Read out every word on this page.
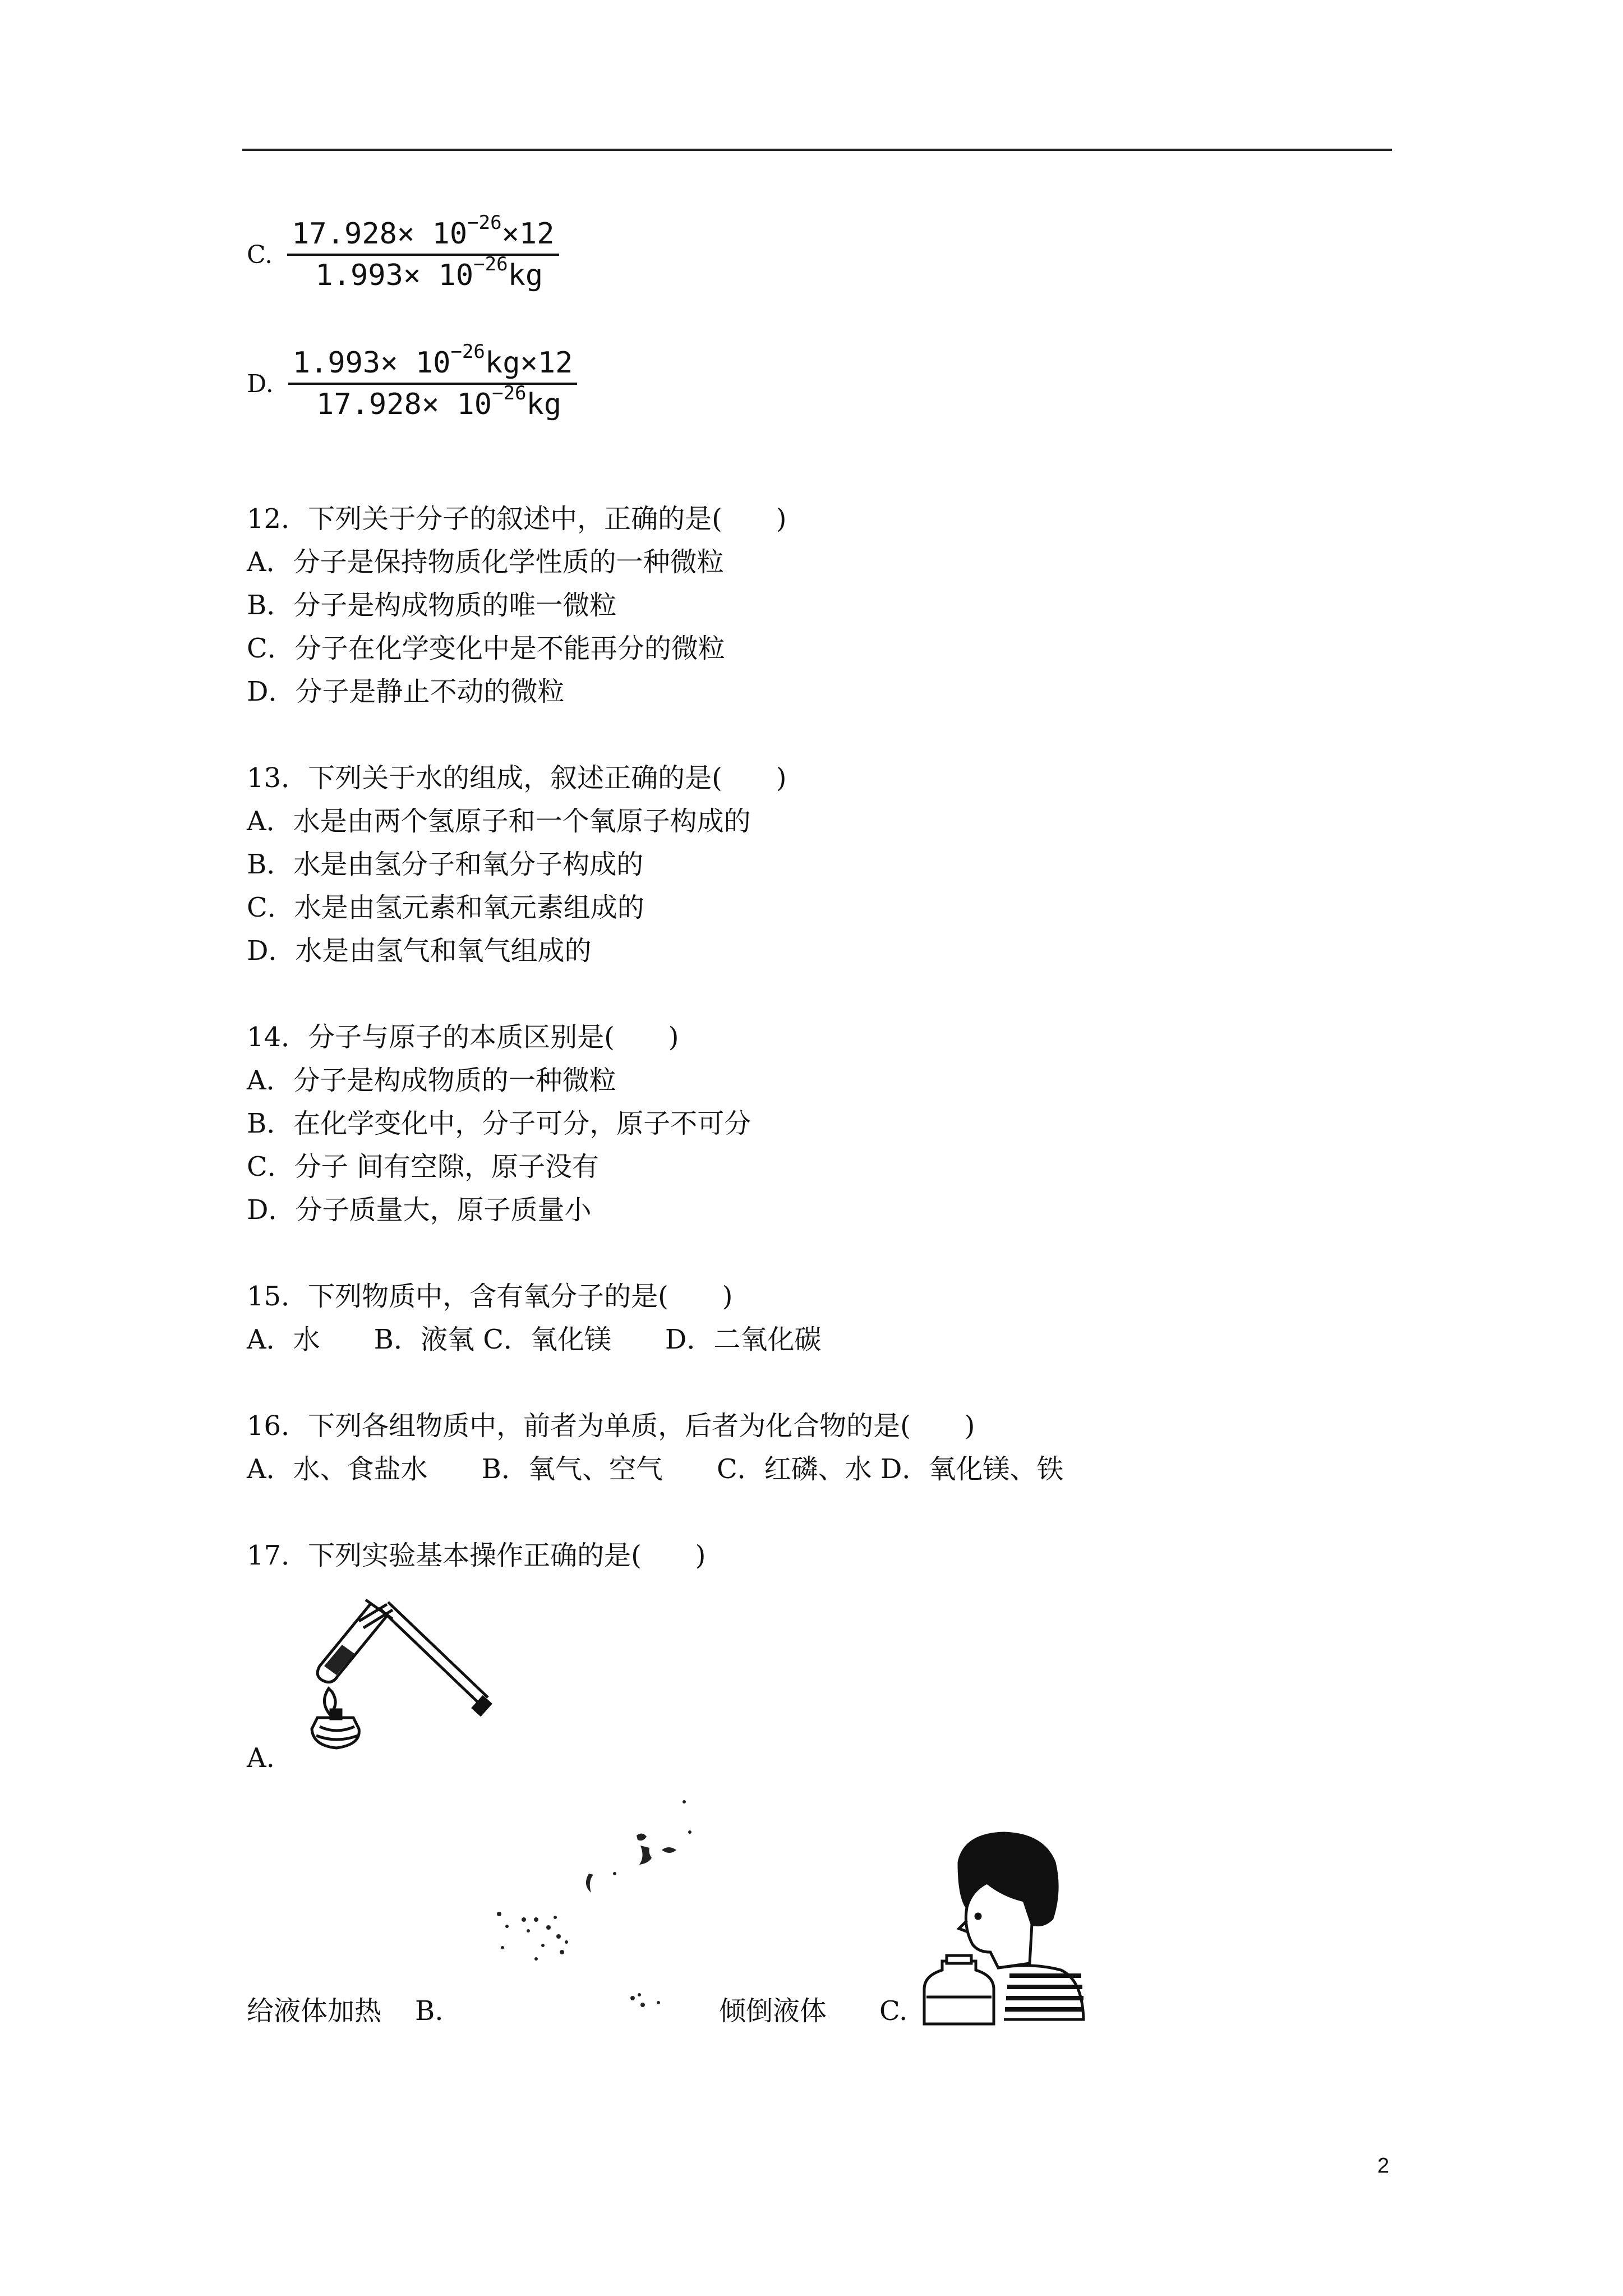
C. $\frac{17.928\times 10^{-26}\times 12}{1.993\times 10^{-26}kg}$
D. $\frac{1.993\times 10^{-26}kg\times 12}{17.928\times 10^{-26}kg}$
12．下列关于分子的叙述中，正确的是(　　)
A．分子是保持物质化学性质的一种微粒
B．分子是构成物质的唯一微粒
C．分子在化学变化中是不能再分的微粒
D．分子是静止不动的微粒
13．下列关于水的组成，叙述正确的是(　　)
A．水是由两个氢原子和一个氧原子构成的
B．水是由氢分子和氧分子构成的
C．水是由氢元素和氧元素组成的
D．水是由氢气和氧气组成的
14．分子与原子的本质区别是(　　)
A．分子是构成物质的一种微粒
B．在化学变化中，分子可分，原子不可分
C．分子 间有空隙，原子没有
D．分子质量大，原子质量小
15．下列物质中，含有氧分子的是(　　)
A．水　　B．液氧 C．氧化镁　　D．二氧化碳
16．下列各组物质中，前者为单质，后者为化合物的是(　　)
A．水、食盐水　　B．氧气、空气　　C．红磷、水 D．氧化镁、铁
17．下列实验基本操作正确的是(　　)
A.
给液体加热 B.	倾倒液体 C.
2
